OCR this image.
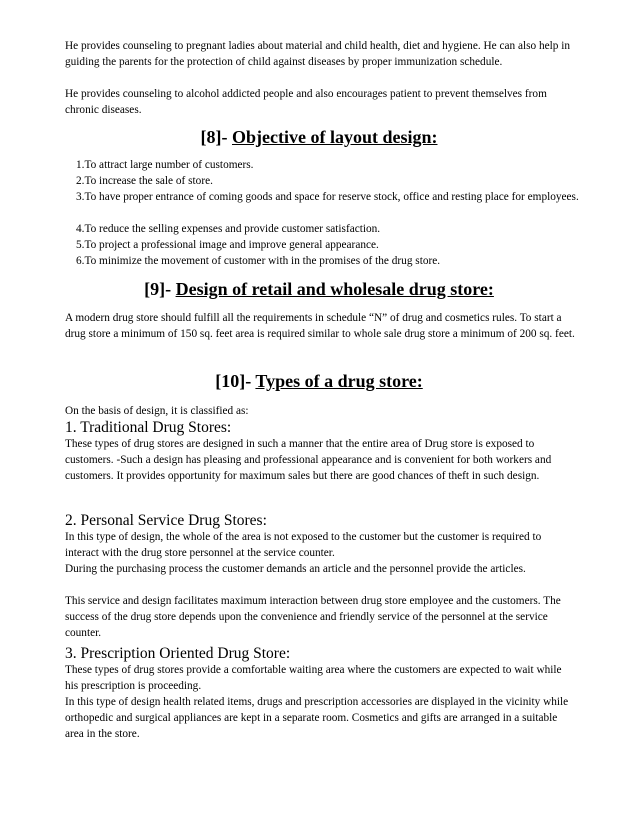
He provides counseling to pregnant ladies about material and child health, diet and hygiene. He can also help in guiding the parents for the protection of child against diseases by proper immunization schedule.

He provides counseling to alcohol addicted people and also encourages patient to prevent themselves from chronic diseases.

[8]- Objective of layout design:

1.To attract large number of customers.

2.To increase the sale of store.

3.To have proper entrance of coming goods and space for reserve stock, office and resting place for employees.

4.To reduce the selling expenses and provide customer satisfaction.

5.To project a professional image and improve general appearance.

6.To minimize the movement of customer with in the promises of the drug store.

[9]- Design of retail and wholesale drug store:

A modern drug store should fulfill all the requirements in schedule “N” of drug and cosmetics rules. To start a drug store a minimum of 150 sq. feet area is required similar to whole sale drug store a minimum of 200 sq. feet.

[10]- Types of a drug store:

On the basis of design, it is classified as:

1. Traditional Drug Stores:

These types of drug stores are designed in such a manner that the entire area of Drug store is exposed to customers. -Such a design has pleasing and professional appearance and is convenient for both workers and customers. It provides opportunity for maximum sales but there are good chances of theft in such design.

2. Personal Service Drug Stores:

In this type of design, the whole of the area is not exposed to the customer but the customer is required to interact with the drug store personnel at the service counter.

During the purchasing process the customer demands an article and the personnel provide the articles.

This service and design facilitates maximum interaction between drug store employee and the customers. The success of the drug store depends upon the convenience and friendly service of the personnel at the service counter.

3. Prescription Oriented Drug Store:

These types of drug stores provide a comfortable waiting area where the customers are expected to wait while his prescription is proceeding.

In this type of design health related items, drugs and prescription accessories are displayed in the vicinity while orthopedic and surgical appliances are kept in a separate room. Cosmetics and gifts are arranged in a suitable area in the store.
